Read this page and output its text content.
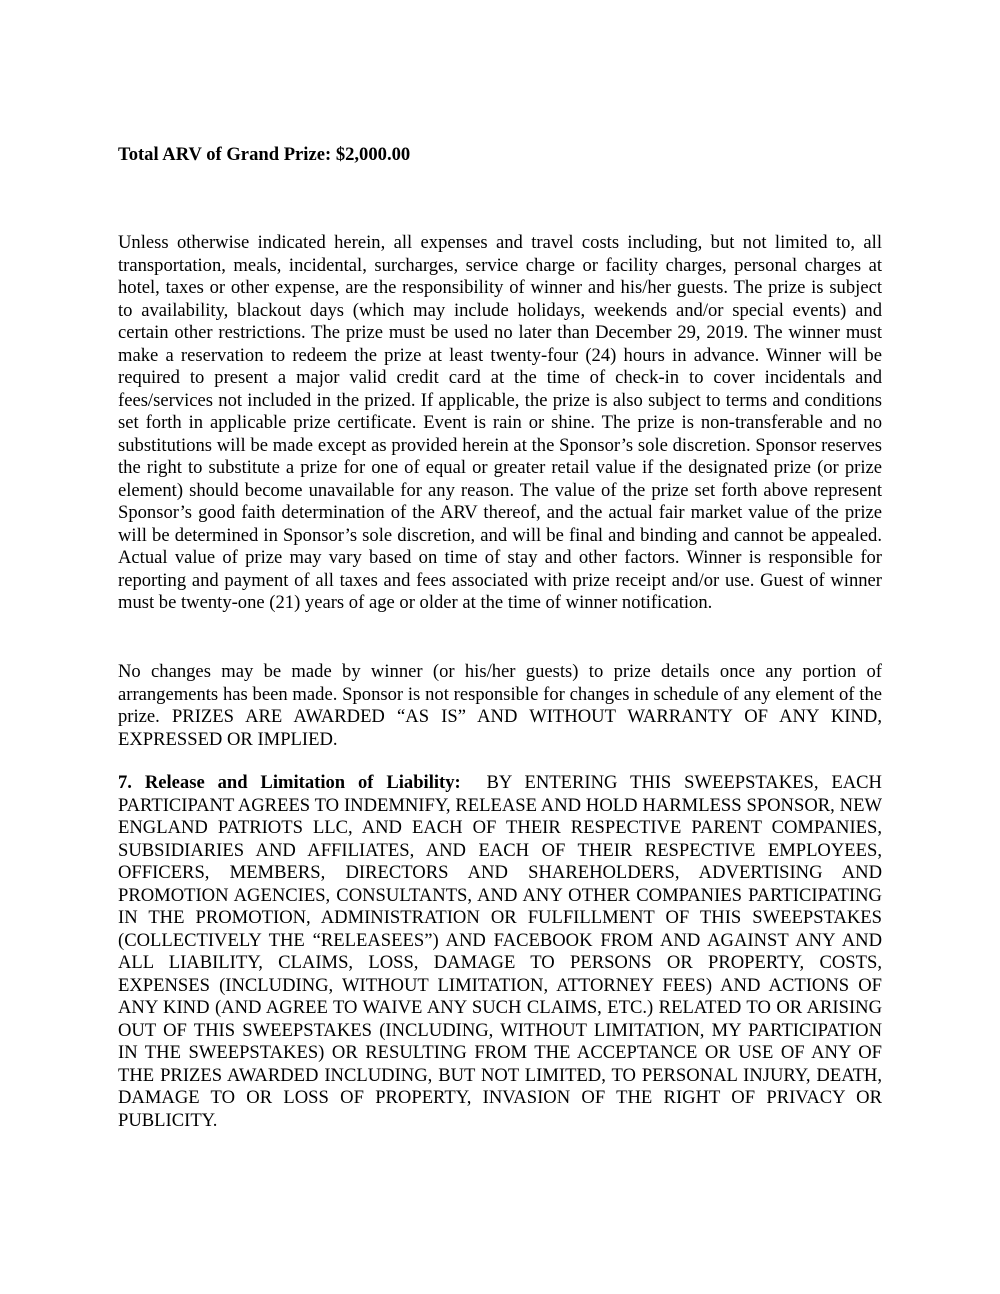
Total ARV of Grand Prize: $2,000.00

Unless otherwise indicated herein, all expenses and travel costs including, but not limited to, all transportation, meals, incidental, surcharges, service charge or facility charges, personal charges at hotel, taxes or other expense, are the responsibility of winner and his/her guests. The prize is subject to availability, blackout days (which may include holidays, weekends and/or special events) and certain other restrictions. The prize must be used no later than December 29, 2019. The winner must make a reservation to redeem the prize at least twenty-four (24) hours in advance. Winner will be required to present a major valid credit card at the time of check-in to cover incidentals and fees/services not included in the prized. If applicable, the prize is also subject to terms and conditions set forth in applicable prize certificate. Event is rain or shine. The prize is non-transferable and no substitutions will be made except as provided herein at the Sponsor’s sole discretion. Sponsor reserves the right to substitute a prize for one of equal or greater retail value if the designated prize (or prize element) should become unavailable for any reason. The value of the prize set forth above represent Sponsor’s good faith determination of the ARV thereof, and the actual fair market value of the prize will be determined in Sponsor’s sole discretion, and will be final and binding and cannot be appealed. Actual value of prize may vary based on time of stay and other factors. Winner is responsible for reporting and payment of all taxes and fees associated with prize receipt and/or use. Guest of winner must be twenty-one (21) years of age or older at the time of winner notification.

No changes may be made by winner (or his/her guests) to prize details once any portion of arrangements has been made. Sponsor is not responsible for changes in schedule of any element of the prize. PRIZES ARE AWARDED “AS IS” AND WITHOUT WARRANTY OF ANY KIND, EXPRESSED OR IMPLIED.

7. Release and Limitation of Liability: BY ENTERING THIS SWEEPSTAKES, EACH PARTICIPANT AGREES TO INDEMNIFY, RELEASE AND HOLD HARMLESS SPONSOR, NEW ENGLAND PATRIOTS LLC, AND EACH OF THEIR RESPECTIVE PARENT COMPANIES, SUBSIDIARIES AND AFFILIATES, AND EACH OF THEIR RESPECTIVE EMPLOYEES, OFFICERS, MEMBERS, DIRECTORS AND SHAREHOLDERS, ADVERTISING AND PROMOTION AGENCIES, CONSULTANTS, AND ANY OTHER COMPANIES PARTICIPATING IN THE PROMOTION, ADMINISTRATION OR FULFILLMENT OF THIS SWEEPSTAKES (COLLECTIVELY THE “RELEASEES”) AND FACEBOOK FROM AND AGAINST ANY AND ALL LIABILITY, CLAIMS, LOSS, DAMAGE TO PERSONS OR PROPERTY, COSTS, EXPENSES (INCLUDING, WITHOUT LIMITATION, ATTORNEY FEES) AND ACTIONS OF ANY KIND (AND AGREE TO WAIVE ANY SUCH CLAIMS, ETC.) RELATED TO OR ARISING OUT OF THIS SWEEPSTAKES (INCLUDING, WITHOUT LIMITATION, MY PARTICIPATION IN THE SWEEPSTAKES) OR RESULTING FROM THE ACCEPTANCE OR USE OF ANY OF THE PRIZES AWARDED INCLUDING, BUT NOT LIMITED, TO PERSONAL INJURY, DEATH, DAMAGE TO OR LOSS OF PROPERTY, INVASION OF THE RIGHT OF PRIVACY OR PUBLICITY.
